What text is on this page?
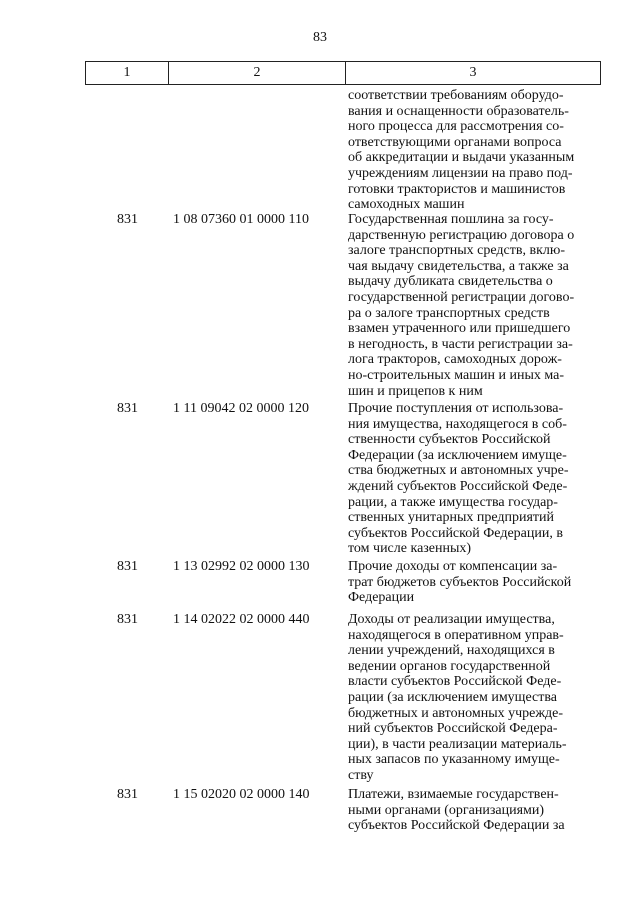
83
1	2	3
соответствии требованиям оборудо-
вания и оснащенности образователь-
ного процесса для рассмотрения со-
ответствующими органами вопроса
об аккредитации и выдачи указанным
учреждениям лицензии на право под-
готовки трактористов и машинистов
самоходных машин
831	1 08 07360 01 0000 110	Государственная пошлина за госу-
дарственную регистрацию договора о
залоге транспортных средств, вклю-
чая выдачу свидетельства, а также за
выдачу дубликата свидетельства о
государственной регистрации догово-
ра о залоге транспортных средств
взамен утраченного или пришедшего
в негодность, в части регистрации за-
лога тракторов, самоходных дорож-
но-строительных машин и иных ма-
шин и прицепов к ним
831	1 11 09042 02 0000 120	Прочие поступления от использова-
ния имущества, находящегося в соб-
ственности субъектов Российской
Федерации (за исключением имуще-
ства бюджетных и автономных учре-
ждений субъектов Российской Феде-
рации, а также имущества государ-
ственных унитарных предприятий
субъектов Российской Федерации, в
том числе казенных)
831	1 13 02992 02 0000 130	Прочие доходы от компенсации за-
трат бюджетов субъектов Российской
Федерации
831	1 14 02022 02 0000 440	Доходы от реализации имущества,
находящегося в оперативном управ-
лении учреждений, находящихся в
ведении органов государственной
власти субъектов Российской Феде-
рации (за исключением имущества
бюджетных и автономных учрежде-
ний субъектов Российской Федера-
ции), в части реализации материаль-
ных запасов по указанному имуще-
ству
831	1 15 02020 02 0000 140	Платежи, взимаемые государствен-
ными органами (организациями)
субъектов Российской Федерации за
